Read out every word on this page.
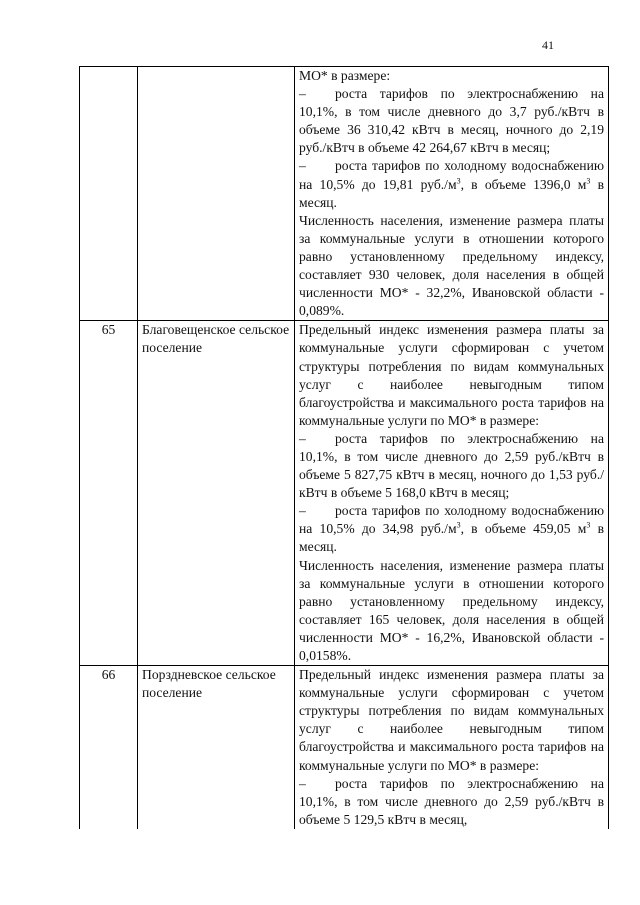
41

		МО* в размере:

– роста тарифов по электроснабжению на 10,1%, в том числе дневного до 3,7 руб./кВтч в объеме 36 310,42 кВтч в месяц, ночного до 2,19 руб./кВтч в объеме 42 264,67 кВтч в месяц;

– роста тарифов по холодному водоснабжению на 10,5% до 19,81 $руб./м^3$, в объеме 1396,0 $м^3$ в месяц.

Численность населения, изменение размера платы за коммунальные услуги в отношении которого равно установленному предельному индексу, составляет 930 человек, доля населения в общей численности МО* - 32,2%, Ивановской области - 0,089%.

65	Благовещенское сельское поселение	Предельный индекс изменения размера платы за коммунальные услуги сформирован с учетом структуры потребления по видам коммунальных услуг с наиболее невыгодным типом благоустройства и максимального роста тарифов на коммунальные услуги по МО* в размере:

– роста тарифов по электроснабжению на 10,1%, в том числе дневного до 2,59 руб./кВтч в объеме 5 827,75 кВтч в месяц, ночного до 1,53 руб./кВтч в объеме 5 168,0 кВтч в месяц;

– роста тарифов по холодному водоснабжению на 10,5% до 34,98 $руб./м^3$, в объеме 459,05 $м^3$ в месяц.

Численность населения, изменение размера платы за коммунальные услуги в отношении которого равно установленному предельному индексу, составляет 165 человек, доля населения в общей численности МО* - 16,2%, Ивановской области - 0,0158%.

66	Порздневское сельское поселение	Предельный индекс изменения размера платы за коммунальные услуги сформирован с учетом структуры потребления по видам коммунальных услуг с наиболее невыгодным типом благоустройства и максимального роста тарифов на коммунальные услуги по МО* в размере:

– роста тарифов по электроснабжению на 10,1%, в том числе дневного до 2,59 руб./кВтч в объеме 5 129,5 кВтч в месяц,
